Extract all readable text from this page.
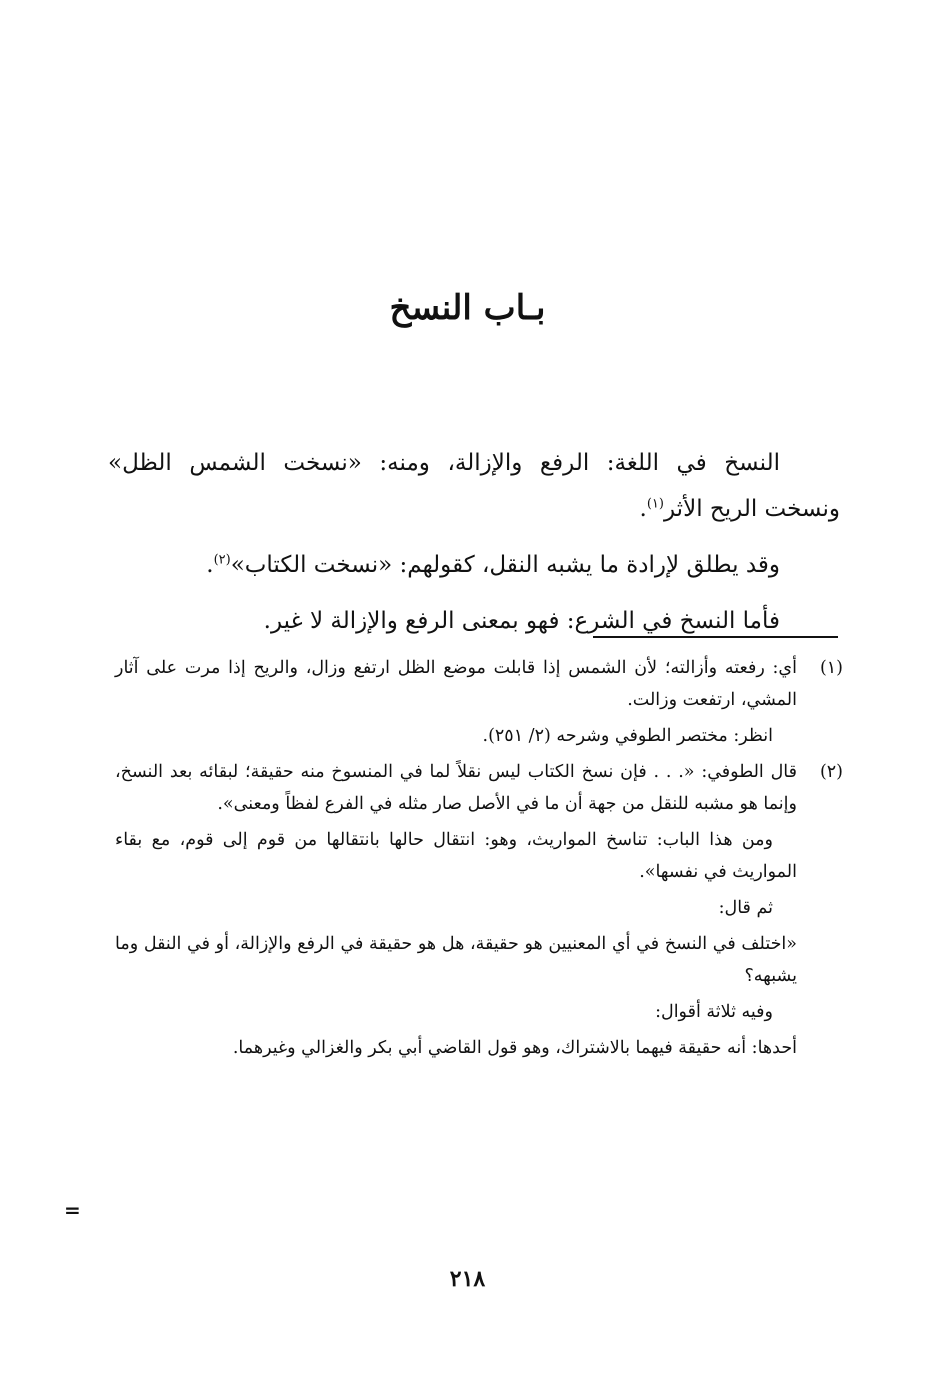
بـاب النسخ

النسخ في اللغة: الرفع والإزالة، ومنه: «نسخت الشمس الظل» ونسخت الريح الأثر$^{(١)}$.

وقد يطلق لإرادة ما يشبه النقل، كقولهم: «نسخت الكتاب»$^{(٢)}$.

فأما النسخ في الشرع: فهو بمعنى الرفع والإزالة لا غير.

(١)

أي: رفعته وأزالته؛ لأن الشمس إذا قابلت موضع الظل ارتفع وزال، والريح إذا مرت على آثار المشي، ارتفعت وزالت.

انظر: مختصر الطوفي وشرحه (٢/ ٢٥١).

(٢)

قال الطوفي: «. . . فإن نسخ الكتاب ليس نقلاً لما في المنسوخ منه حقيقة؛ لبقائه بعد النسخ، وإنما هو مشبه للنقل من جهة أن ما في الأصل صار مثله في الفرع لفظاً ومعنى».

ومن هذا الباب: تناسخ المواريث، وهو: انتقال حالها بانتقالها من قوم إلى قوم، مع بقاء المواريث في نفسها».

ثم قال:

«اختلف في النسخ في أي المعنيين هو حقيقة، هل هو حقيقة في الرفع والإزالة، أو في النقل وما يشبهه؟

وفيه ثلاثة أقوال:

أحدها: أنه حقيقة فيهما بالاشتراك، وهو قول القاضي أبي بكر والغزالي وغيرهما.

=
٢١٨
